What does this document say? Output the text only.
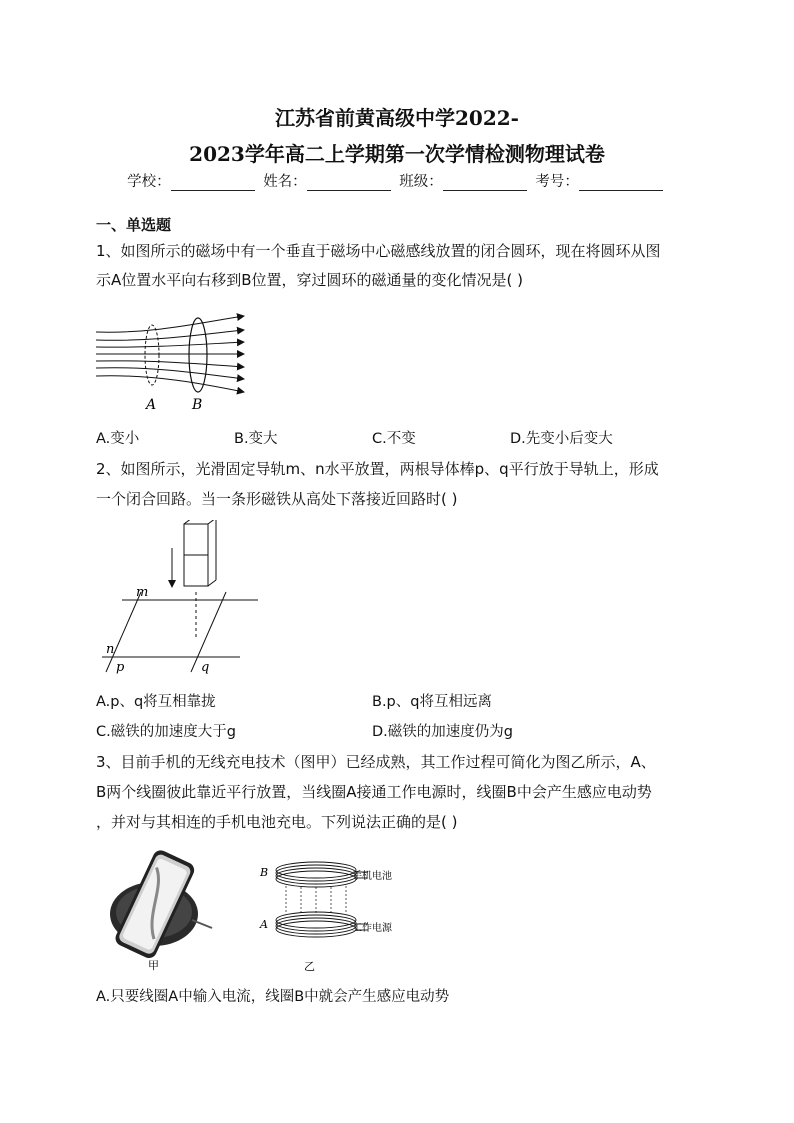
江苏省前黄高级中学2022-
2023学年高二上学期第一次学情检测物理试卷
学校：	姓名：	班级：	考号：
一、单选题
1、如图所示的磁场中有一个垂直于磁场中心磁感线放置的闭合圆环，现在将圆环从图
示A位置水平向右移到B位置，穿过圆环的磁通量的变化情况是( )
A	B
A.变小	B.变大	C.不变	D.先变小后变大
2、如图所示，光滑固定导轨m、n水平放置，两根导体棒p、q平行放于导轨上，形成
一个闭合回路。当一条形磁铁从高处下落接近回路时( )
m
n
p	q
A.p、q将互相靠拢	B.p、q将互相远离
C.磁铁的加速度大于g	D.磁铁的加速度仍为g
3、目前手机的无线充电技术（图甲）已经成熟，其工作过程可简化为图乙所示，A、
B两个线圈彼此靠近平行放置，当线圈A接通工作电源时，线圈B中会产生感应电动势
，并对与其相连的手机电池充电。下列说法正确的是( )
甲
B
A
手机电池
工作电源
乙
A.只要线圈A中输入电流，线圈B中就会产生感应电动势
